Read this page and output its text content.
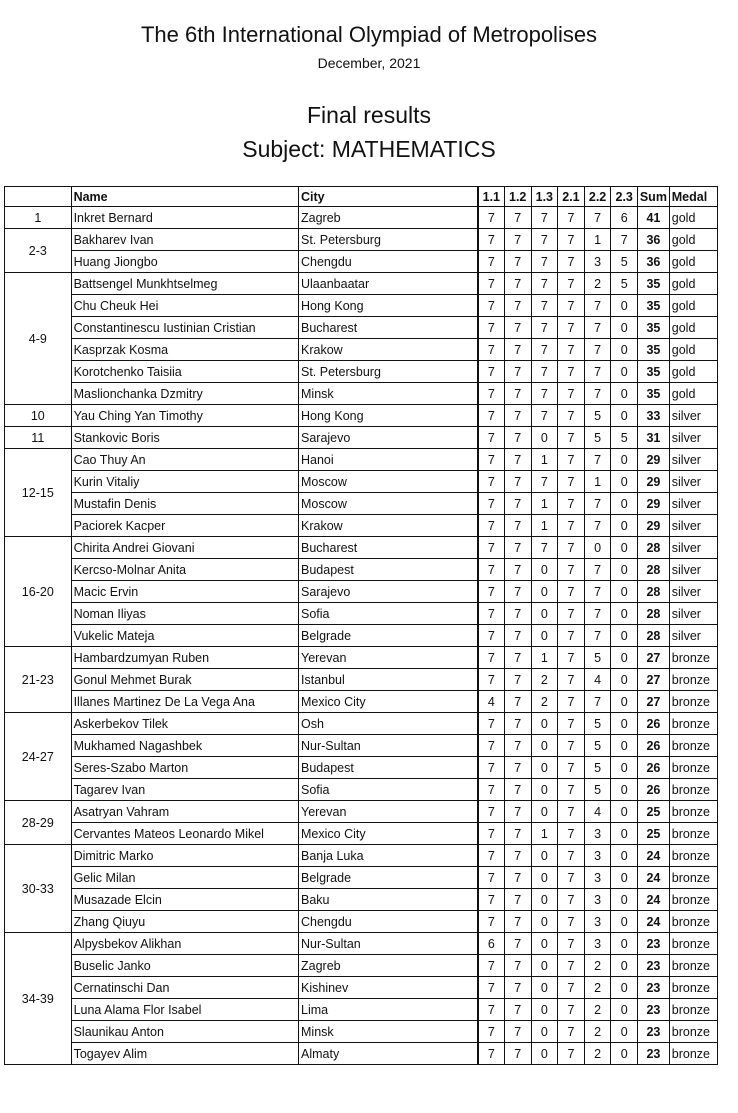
The 6th International Olympiad of Metropolises
December, 2021
Final results
Subject: MATHEMATICS
	Name	City	1.1	1.2	1.3	2.1	2.2	2.3	Sum	Medal
1	Inkret Bernard	Zagreb	7	7	7	7	7	6	41	gold
2-3	Bakharev Ivan	St. Petersburg	7	7	7	7	1	7	36	gold
	Huang Jiongbo	Chengdu	7	7	7	7	3	5	36	gold
4-9	Battsengel Munkhtselmeg	Ulaanbaatar	7	7	7	7	2	5	35	gold
	Chu Cheuk Hei	Hong Kong	7	7	7	7	7	0	35	gold
	Constantinescu Iustinian Cristian	Bucharest	7	7	7	7	7	0	35	gold
	Kasprzak Kosma	Krakow	7	7	7	7	7	0	35	gold
	Korotchenko Taisiia	St. Petersburg	7	7	7	7	7	0	35	gold
	Maslionchanka Dzmitry	Minsk	7	7	7	7	7	0	35	gold
10	Yau Ching Yan Timothy	Hong Kong	7	7	7	7	5	0	33	silver
11	Stankovic Boris	Sarajevo	7	7	0	7	5	5	31	silver
12-15	Cao Thuy An	Hanoi	7	7	1	7	7	0	29	silver
	Kurin Vitaliy	Moscow	7	7	7	7	1	0	29	silver
	Mustafin Denis	Moscow	7	7	1	7	7	0	29	silver
	Paciorek Kacper	Krakow	7	7	1	7	7	0	29	silver
16-20	Chirita Andrei Giovani	Bucharest	7	7	7	7	0	0	28	silver
	Kercso-Molnar Anita	Budapest	7	7	0	7	7	0	28	silver
	Macic Ervin	Sarajevo	7	7	0	7	7	0	28	silver
	Noman Iliyas	Sofia	7	7	0	7	7	0	28	silver
	Vukelic Mateja	Belgrade	7	7	0	7	7	0	28	silver
21-23	Hambardzumyan Ruben	Yerevan	7	7	1	7	5	0	27	bronze
	Gonul Mehmet Burak	Istanbul	7	7	2	7	4	0	27	bronze
	Illanes Martinez De La Vega Ana	Mexico City	4	7	2	7	7	0	27	bronze
24-27	Askerbekov Tilek	Osh	7	7	0	7	5	0	26	bronze
	Mukhamed Nagashbek	Nur-Sultan	7	7	0	7	5	0	26	bronze
	Seres-Szabo Marton	Budapest	7	7	0	7	5	0	26	bronze
	Tagarev Ivan	Sofia	7	7	0	7	5	0	26	bronze
28-29	Asatryan Vahram	Yerevan	7	7	0	7	4	0	25	bronze
	Cervantes Mateos Leonardo Mikel	Mexico City	7	7	1	7	3	0	25	bronze
30-33	Dimitric Marko	Banja Luka	7	7	0	7	3	0	24	bronze
	Gelic Milan	Belgrade	7	7	0	7	3	0	24	bronze
	Musazade Elcin	Baku	7	7	0	7	3	0	24	bronze
	Zhang Qiuyu	Chengdu	7	7	0	7	3	0	24	bronze
34-39	Alpysbekov Alikhan	Nur-Sultan	6	7	0	7	3	0	23	bronze
	Buselic Janko	Zagreb	7	7	0	7	2	0	23	bronze
	Cernatinschi Dan	Kishinev	7	7	0	7	2	0	23	bronze
	Luna Alama Flor Isabel	Lima	7	7	0	7	2	0	23	bronze
	Slaunikau Anton	Minsk	7	7	0	7	2	0	23	bronze
	Togayev Alim	Almaty	7	7	0	7	2	0	23	bronze
